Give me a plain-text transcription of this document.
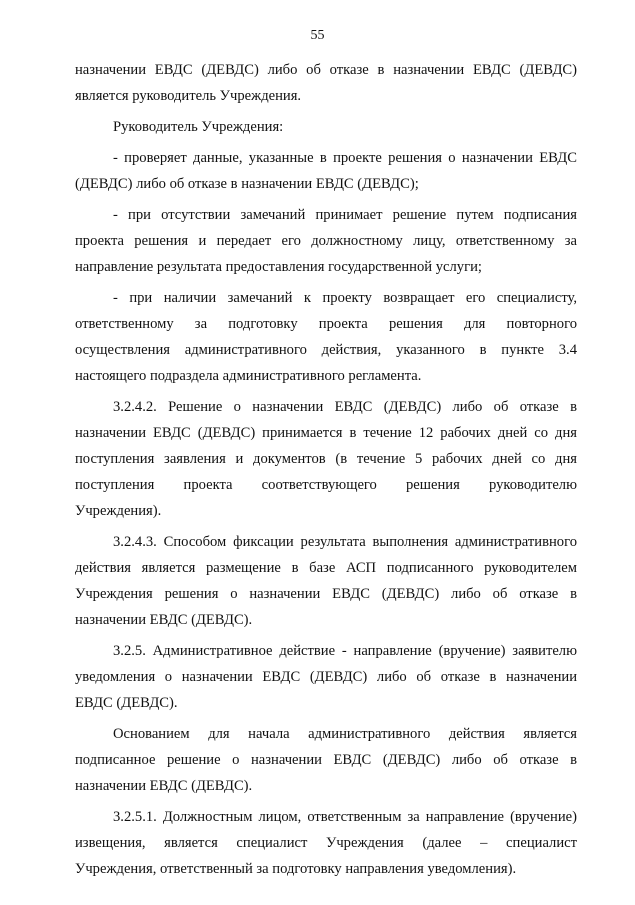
55
назначении ЕВДС (ДЕВДС) либо об отказе в назначении ЕВДС (ДЕВДС)
является руководитель Учреждения.
Руководитель Учреждения:
- проверяет данные, указанные в проекте решения о назначении ЕВДС
(ДЕВДС) либо об отказе в назначении ЕВДС (ДЕВДС);
- при отсутствии замечаний принимает решение путем подписания
проекта решения и передает его должностному лицу, ответственному за
направление результата предоставления государственной услуги;
- при наличии замечаний к проекту возвращает его специалисту,
ответственному за подготовку проекта решения для повторного
осуществления административного действия, указанного в пункте 3.4
настоящего подраздела административного регламента.
3.2.4.2. Решение о назначении ЕВДС (ДЕВДС) либо об отказе в
назначении ЕВДС (ДЕВДС) принимается в течение 12 рабочих дней со дня
поступления заявления и документов (в течение 5 рабочих дней со дня
поступления проекта соответствующего решения руководителю
Учреждения).
3.2.4.3. Способом фиксации результата выполнения административного
действия является размещение в базе АСП подписанного руководителем
Учреждения решения о назначении ЕВДС (ДЕВДС) либо об отказе в
назначении ЕВДС (ДЕВДС).
3.2.5. Административное действие - направление (вручение) заявителю
уведомления о назначении ЕВДС (ДЕВДС) либо об отказе в назначении
ЕВДС (ДЕВДС).
Основанием для начала административного действия является
подписанное решение о назначении ЕВДС (ДЕВДС) либо об отказе в
назначении ЕВДС (ДЕВДС).
3.2.5.1. Должностным лицом, ответственным за направление (вручение)
извещения, является специалист Учреждения (далее – специалист
Учреждения, ответственный за подготовку направления уведомления).
